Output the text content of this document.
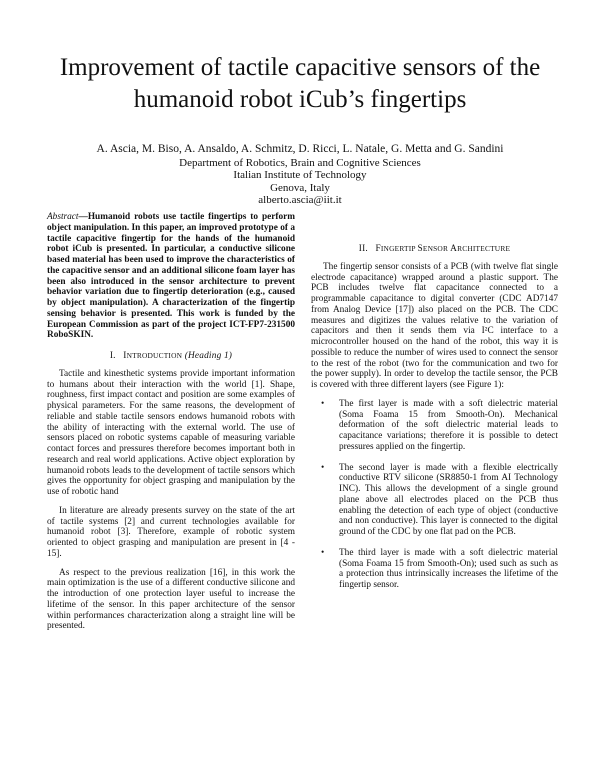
Improvement of tactile capacitive sensors of the
humanoid robot iCub’s fingertips
A. Ascia, M. Biso, A. Ansaldo, A. Schmitz, D. Ricci, L. Natale, G. Metta and G. Sandini
Department of Robotics, Brain and Cognitive Sciences
Italian Institute of Technology
Genova, Italy
alberto.ascia@iit.it

Abstract—Humanoid robots use tactile fingertips to perform object manipulation. In this paper, an improved prototype of a tactile capacitive fingertip for the hands of the humanoid robot iCub is presented. In particular, a conductive silicone based material has been used to improve the characteristics of the capacitive sensor and an additional silicone foam layer has been also introduced in the sensor architecture to prevent behavior variation due to fingertip deterioration (e.g., caused by object manipulation). A characterization of the fingertip sensing behavior is presented. This work is funded by the European Commission as part of the project ICT-FP7-231500 RoboSKIN.

I. INTRODUCTION (Heading 1)

Tactile and kinesthetic systems provide important information to humans about their interaction with the world [1]. Shape, roughness, first impact contact and position are some examples of physical parameters. For the same reasons, the development of reliable and stable tactile sensors endows humanoid robots with the ability of interacting with the external world. The use of sensors placed on robotic systems capable of measuring variable contact forces and pressures therefore becomes important both in research and real world applications. Active object exploration by humanoid robots leads to the development of tactile sensors which gives the opportunity for object grasping and manipulation by the use of robotic hand

In literature are already presents survey on the state of the art of tactile systems [2] and current technologies available for humanoid robot [3]. Therefore, example of robotic system oriented to object grasping and manipulation are present in [4 - 15].

As respect to the previous realization [16], in this work the main optimization is the use of a different conductive silicone and the introduction of one protection layer useful to increase the lifetime of the sensor. In this paper architecture of the sensor within performances characterization along a straight line will be presented.

II. FINGERTIP SENSOR ARCHITECTURE

The fingertip sensor consists of a PCB (with twelve flat single electrode capacitance) wrapped around a plastic support. The PCB includes twelve flat capacitance connected to a programmable capacitance to digital converter (CDC AD7147 from Analog Device [17]) also placed on the PCB. The CDC measures and digitizes the values relative to the variation of capacitors and then it sends them via I²C interface to a microcontroller housed on the hand of the robot, this way it is possible to reduce the number of wires used to connect the sensor to the rest of the robot (two for the communication and two for the power supply). In order to develop the tactile sensor, the PCB is covered with three different layers (see Figure 1):

• The first layer is made with a soft dielectric material (Soma Foama 15 from Smooth-On). Mechanical deformation of the soft dielectric material leads to capacitance variations; therefore it is possible to detect pressures applied on the fingertip.
• The second layer is made with a flexible electrically conductive RTV silicone (SR8850-1 from AI Technology INC). This allows the development of a single ground plane above all electrodes placed on the PCB thus enabling the detection of each type of object (conductive and non conductive). This layer is connected to the digital ground of the CDC by one flat pad on the PCB.
• The third layer is made with a soft dielectric material (Soma Foama 15 from Smooth-On); used such as such as a protection thus intrinsically increases the lifetime of the fingertip sensor.
